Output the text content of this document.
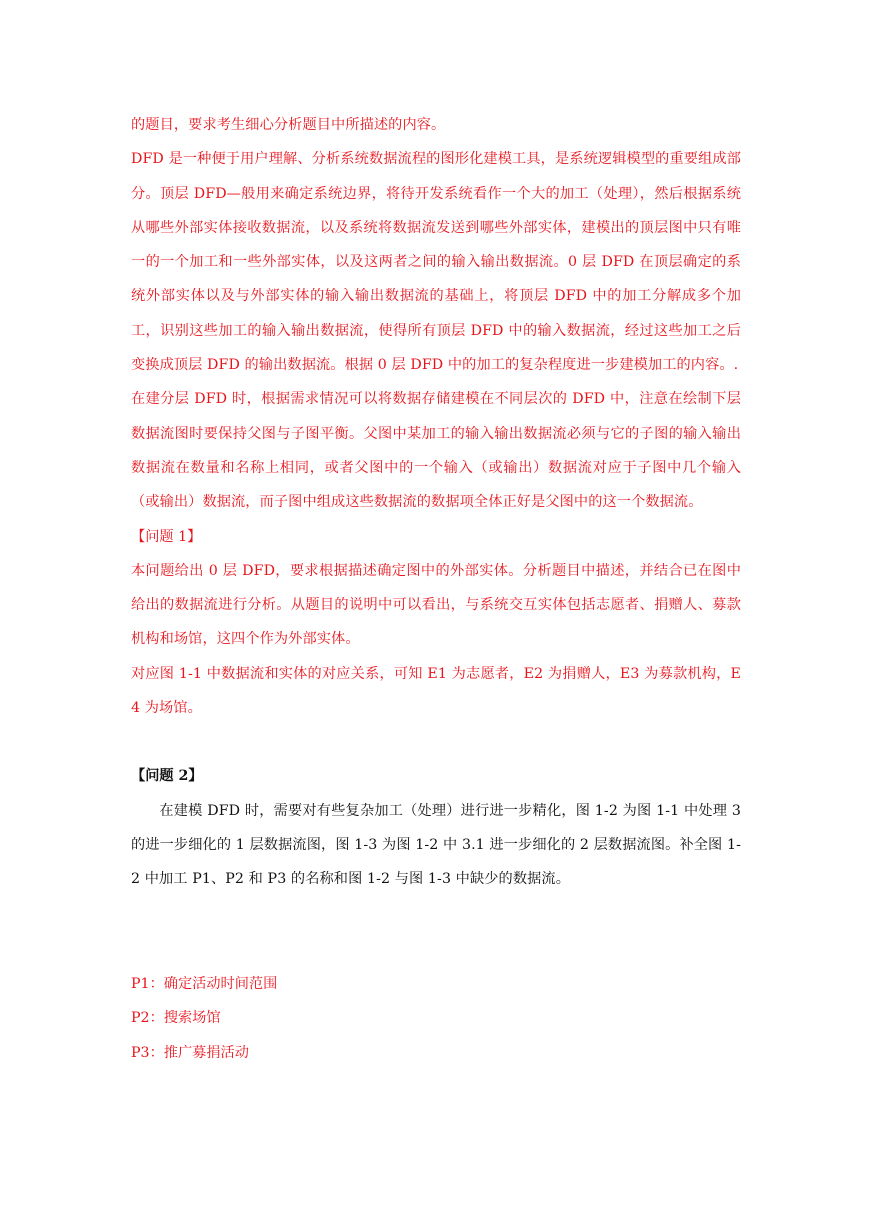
的题目，要求考生细心分析题目中所描述的内容。

DFD 是一种便于用户理解、分析系统数据流程的图形化建模工具，是系统逻辑模型的重要组成部分。顶层 DFD—般用来确定系统边界，将待开发系统看作一个大的加工（处理），然后根据系统从哪些外部实体接收数据流，以及系统将数据流发送到哪些外部实体，建模出的顶层图中只有唯一的一个加工和一些外部实体，以及这两者之间的输入输出数据流。0 层 DFD 在顶层确定的系统外部实体以及与外部实体的输入输出数据流的基础上，将顶层 DFD 中的加工分解成多个加工，识别这些加工的输入输出数据流，使得所有顶层 DFD 中的输入数据流，经过这些加工之后变换成顶层 DFD 的输出数据流。根据 0 层 DFD 中的加工的复杂程度进一步建模加工的内容。.

在建分层 DFD 时，根据需求情况可以将数据存储建模在不同层次的 DFD 中，注意在绘制下层数据流图时要保持父图与子图平衡。父图中某加工的输入输出数据流必须与它的子图的输入输出数据流在数量和名称上相同，或者父图中的一个输入（或输出）数据流对应于子图中几个输入（或输出）数据流，而子图中组成这些数据流的数据项全体正好是父图中的这一个数据流。

【问题 1】

本问题给出 0 层 DFD，要求根据描述确定图中的外部实体。分析题目中描述，并结合已在图中给出的数据流进行分析。从题目的说明中可以看出，与系统交互实体包括志愿者、捐赠人、募款机构和场馆，这四个作为外部实体。

对应图 1-1 中数据流和实体的对应关系，可知 E1 为志愿者，E2 为捐赠人，E3 为募款机构，E4 为场馆。

【问题 2】

在建模 DFD 时，需要对有些复杂加工（处理）进行进一步精化，图 1-2 为图 1-1 中处理 3 的进一步细化的 1 层数据流图，图 1-3 为图 1-2 中 3.1 进一步细化的 2 层数据流图。补全图 1-2 中加工 P1、P2 和 P3 的名称和图 1-2 与图 1-3 中缺少的数据流。

P1：确定活动时间范围

P2：搜索场馆

P3：推广募捐活动
